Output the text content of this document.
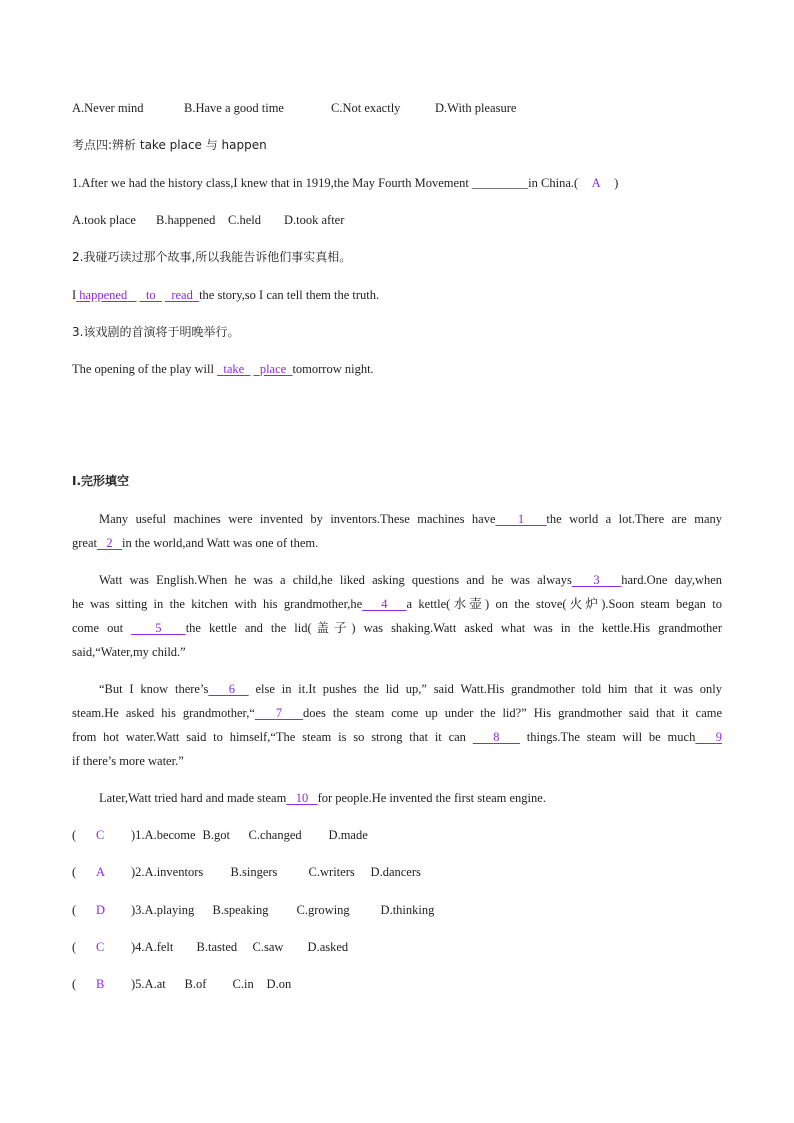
A.Never mind	B.Have a good time	C.Not exactly	D.With pleasure
考点四:辨析 take place 与 happen
1.After we had the history class,I knew that in 1919,the May Fourth Movement _________in China.( A )
A.took place B.happened C.held D.took after
2.我碰巧读过那个故事,所以我能告诉他们事实真相。
I happened to read the story,so I can tell them the truth.
3.该戏剧的首演将于明晚举行。
The opening of the play will   take place tomorrow night.
Ⅰ.完形填空
Many useful machines were invented by inventors.These machines have 1 the world a lot.There are many
great 2 in the world,and Watt was one of them.
Watt was English.When he was a child,he liked asking questions and he was always 3 hard.One day,when
he was sitting in the kitchen with his grandmother,he 4 a kettle(水壶) on the stove(火炉).Soon steam began to
come out    5 the kettle and the lid(盖子) was shaking.Watt asked what was in the kettle.His grandmother
said,“Water,my child.”
“But I know there’s 6   else in it.It pushes the lid up,” said Watt.His grandmother told him that it was only
steam.He asked his grandmother,“ 7 does the steam come up under the lid?” His grandmother said that it came
from hot water.Watt said to himself,“The steam is so strong that it can    8    things.The steam will be much 9
if there’s more water.”
Later,Watt tried hard and made steam 10 for people.He invented the first steam engine.
( C )1.A.become B.got C.changed D.made
( A )2.A.inventors B.singers C.writers D.dancers
( D )3.A.playing B.speaking C.growing D.thinking
( C )4.A.felt B.tasted C.saw D.asked
( B )5.A.at B.of C.in D.on
